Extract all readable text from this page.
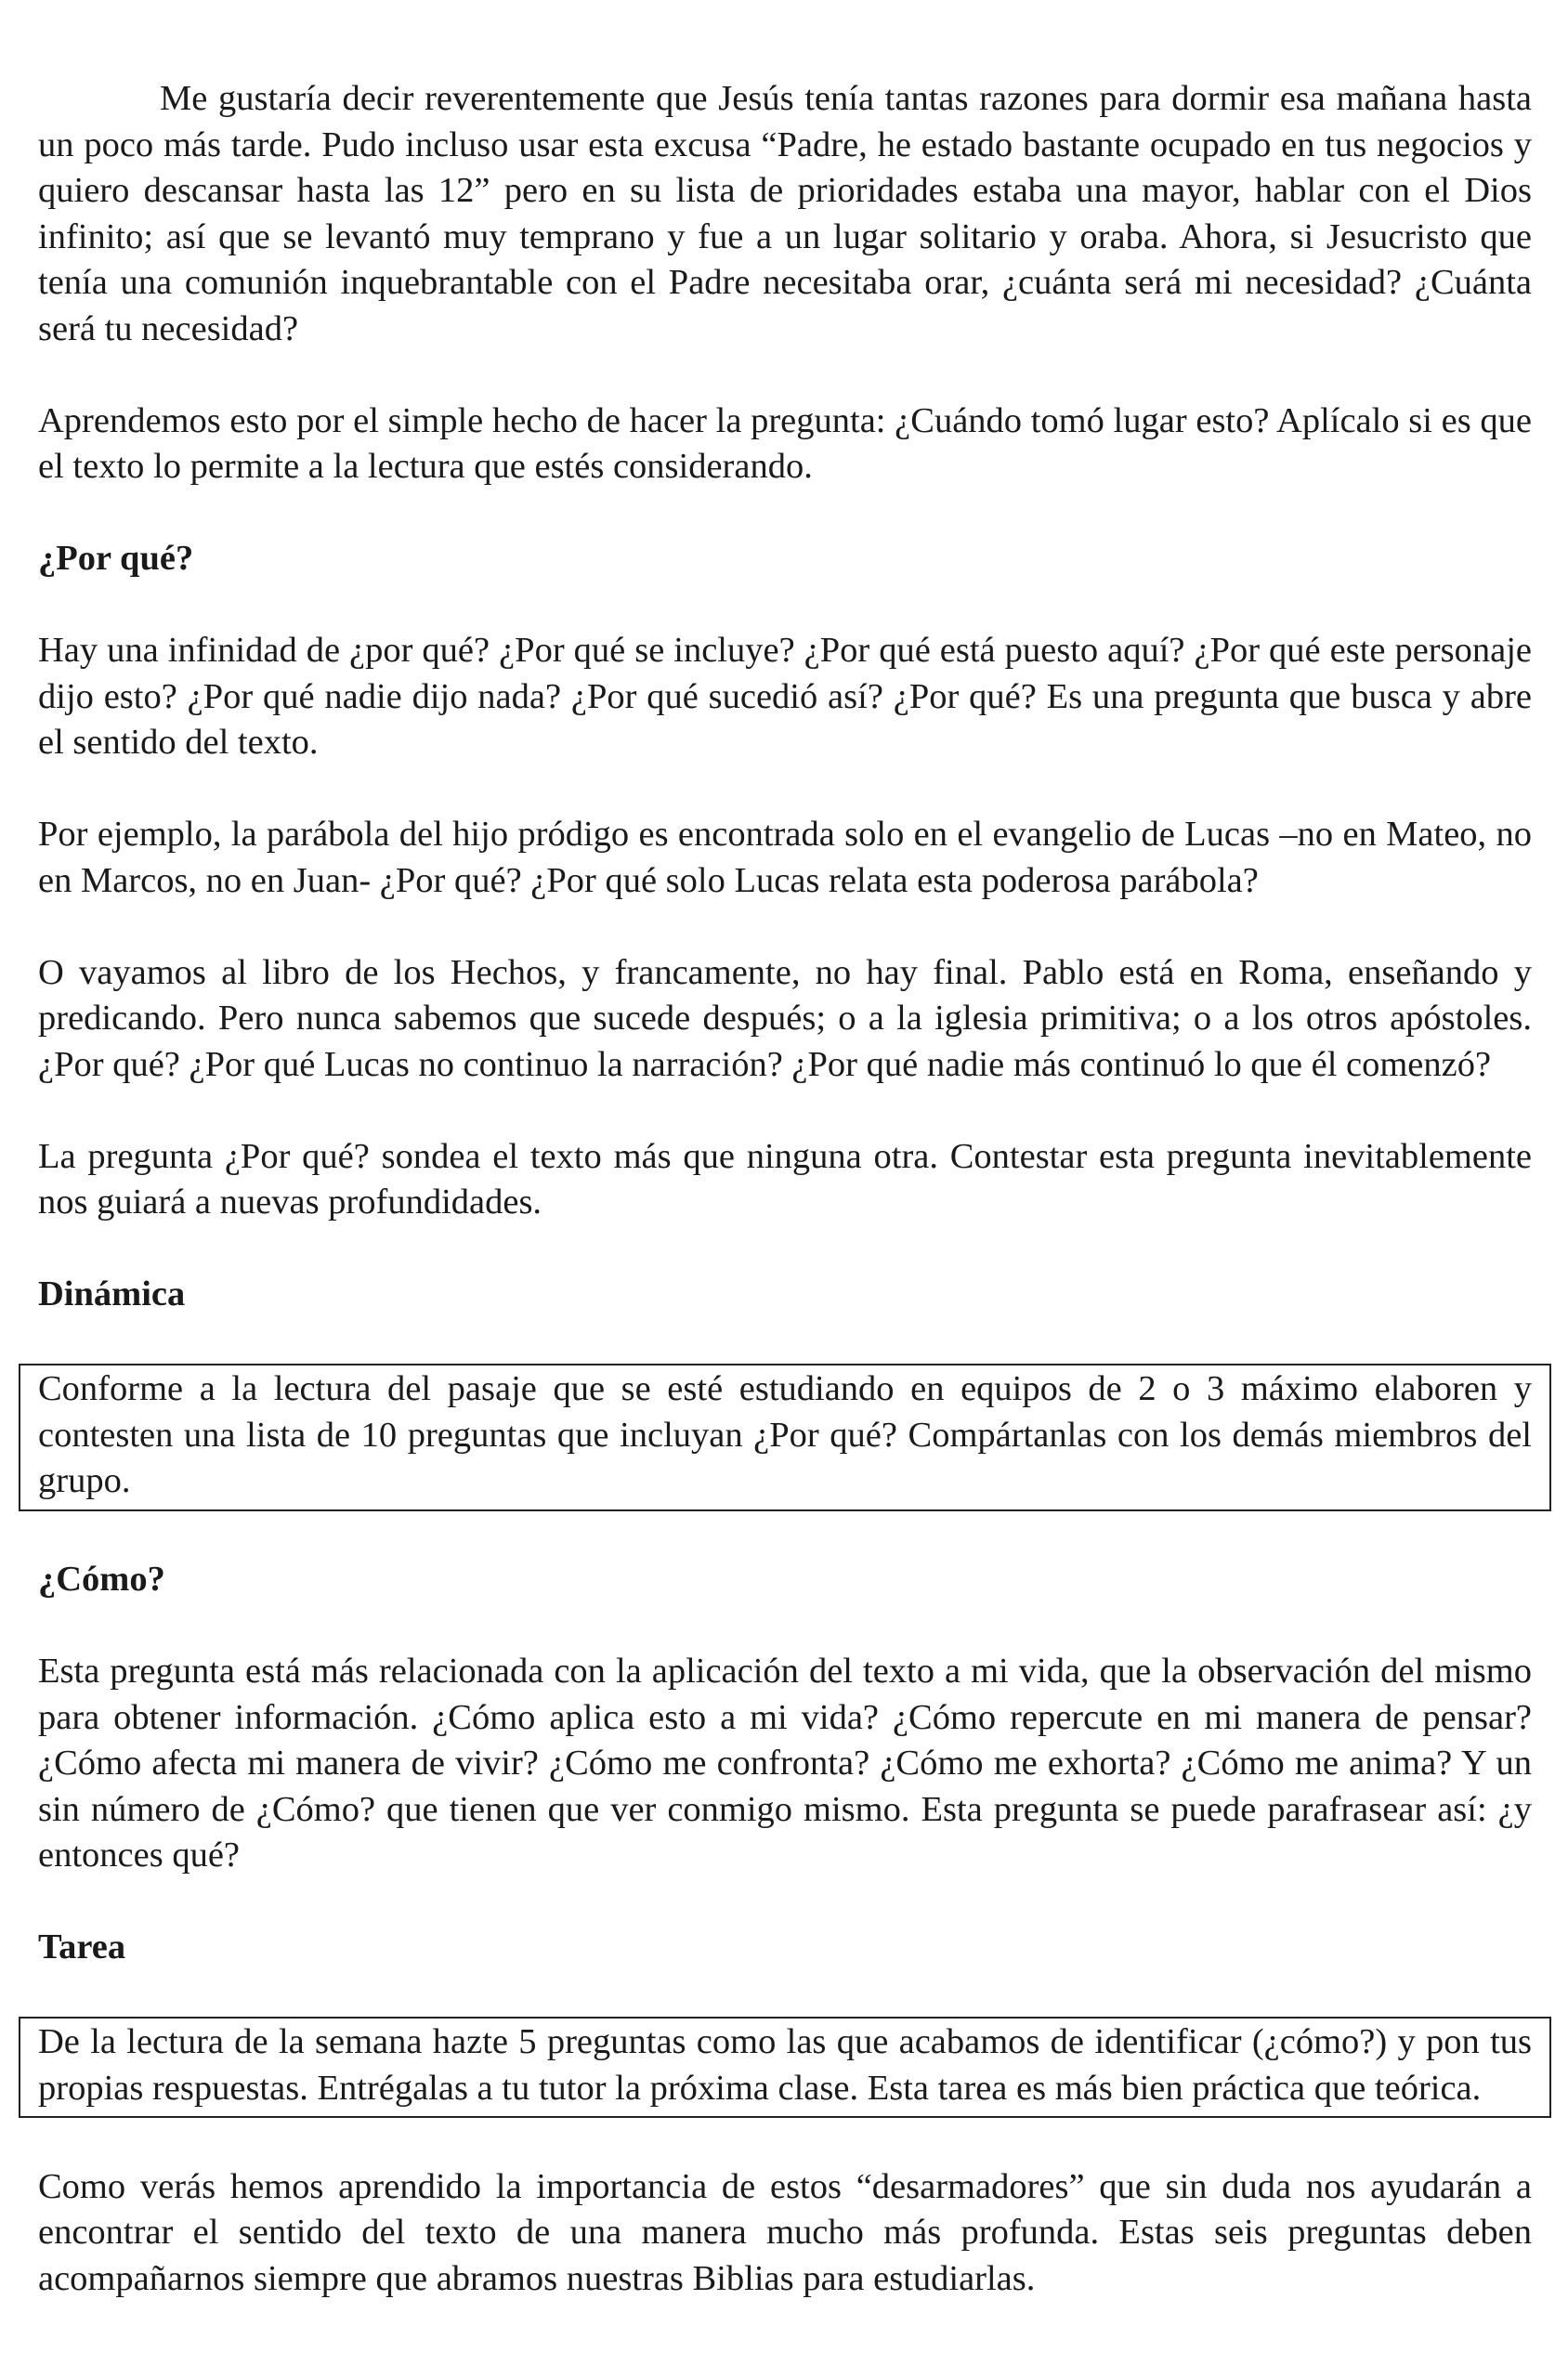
Me gustaría decir reverentemente que Jesús tenía tantas razones para dormir esa mañana hasta un poco más tarde. Pudo incluso usar esta excusa “Padre, he estado bastante ocupado en tus negocios y quiero descansar hasta las 12” pero en su lista de prioridades estaba una mayor, hablar con el Dios infinito; así que se levantó muy temprano y fue a un lugar solitario y oraba. Ahora, si Jesucristo que tenía una comunión inquebrantable con el Padre necesitaba orar, ¿cuánta será mi necesidad? ¿Cuánta será tu necesidad?

Aprendemos esto por el simple hecho de hacer la pregunta: ¿Cuándo tomó lugar esto? Aplícalo si es que el texto lo permite a la lectura que estés considerando.

¿Por qué?

Hay una infinidad de ¿por qué? ¿Por qué se incluye? ¿Por qué está puesto aquí? ¿Por qué este personaje dijo esto? ¿Por qué nadie dijo nada? ¿Por qué sucedió así? ¿Por qué? Es una pregunta que busca y abre el sentido del texto.

Por ejemplo, la parábola del hijo pródigo es encontrada solo en el evangelio de Lucas –no en Mateo, no en Marcos, no en Juan- ¿Por qué? ¿Por qué solo Lucas relata esta poderosa parábola?

O vayamos al libro de los Hechos, y francamente, no hay final. Pablo está en Roma, enseñando y predicando. Pero nunca sabemos que sucede después; o a la iglesia primitiva; o a los otros apóstoles. ¿Por qué? ¿Por qué Lucas no continuo la narración? ¿Por qué nadie más continuó lo que él comenzó?

La pregunta ¿Por qué? sondea el texto más que ninguna otra. Contestar esta pregunta inevitablemente nos guiará a nuevas profundidades.

Dinámica

Conforme a la lectura del pasaje que se esté estudiando en equipos de 2 o 3 máximo elaboren y contesten una lista de 10 preguntas que incluyan ¿Por qué? Compártanlas con los demás miembros del grupo.

¿Cómo?

Esta pregunta está más relacionada con la aplicación del texto a mi vida, que la observación del mismo para obtener información. ¿Cómo aplica esto a mi vida? ¿Cómo repercute en mi manera de pensar? ¿Cómo afecta mi manera de vivir? ¿Cómo me confronta? ¿Cómo me exhorta? ¿Cómo me anima? Y un sin número de ¿Cómo? que tienen que ver conmigo mismo. Esta pregunta se puede parafrasear así: ¿y entonces qué?

Tarea

De la lectura de la semana hazte 5 preguntas como las que acabamos de identificar (¿cómo?) y pon tus propias respuestas. Entrégalas a tu tutor la próxima clase. Esta tarea es más bien práctica que teórica.

Como verás hemos aprendido la importancia de estos “desarmadores” que sin duda nos ayudarán a encontrar el sentido del texto de una manera mucho más profunda. Estas seis preguntas deben acompañarnos siempre que abramos nuestras Biblias para estudiarlas.
